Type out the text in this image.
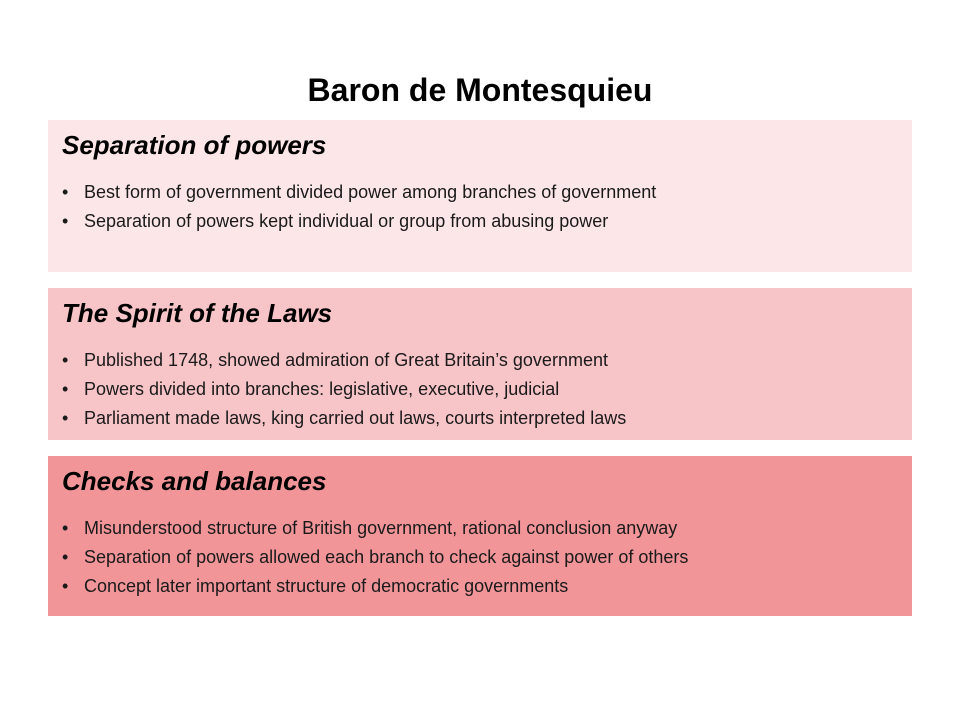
Baron de Montesquieu
Separation of powers
• Best form of government divided power among branches of government
• Separation of powers kept individual or group from abusing power
The Spirit of the Laws
• Published 1748, showed admiration of Great Britain’s government
• Powers divided into branches: legislative, executive, judicial
• Parliament made laws, king carried out laws, courts interpreted laws
Checks and balances
• Misunderstood structure of British government, rational conclusion anyway
• Separation of powers allowed each branch to check against power of others
• Concept later important structure of democratic governments
